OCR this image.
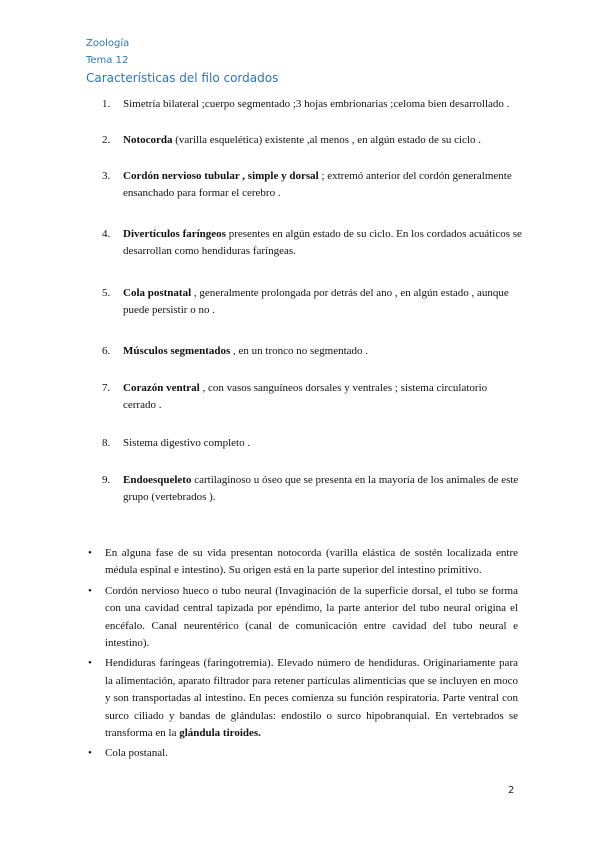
Zoología
Tema 12
Características del filo cordados
1. Simetría bilateral ;cuerpo segmentado ;3 hojas embrionarias ;celoma bien desarrollado .
2. Notocorda (varilla esquelética) existente ,al menos , en algún estado de su ciclo .
3. Cordón nervioso tubular , simple y dorsal ; extremó anterior del cordón generalmente ensanchado para formar el cerebro .
4. Divertículos faríngeos presentes en algún estado de su ciclo. En los cordados acuáticos se desarrollan como hendiduras faríngeas.
5. Cola postnatal , generalmente prolongada por detrás del ano , en algún estado , aunque puede persistir o no .
6. Músculos segmentados , en un tronco no segmentado .
7. Corazón ventral , con vasos sanguíneos dorsales y ventrales ; sistema circulatorio cerrado .
8. Sistema digestivo completo .
9. Endoesqueleto cartilaginoso u óseo que se presenta en la mayoría de los animales de este grupo (vertebrados ).
• En alguna fase de su vida presentan notocorda (varilla elástica de sostén localizada entre médula espinal e intestino). Su origen está en la parte superior del intestino primitivo.
• Cordón nervioso hueco o tubo neural (Invaginación de la superficie dorsal, el tubo se forma con una cavidad central tapizada por epéndimo, la parte anterior del tubo neural origina el encéfalo. Canal neurentérico (canal de comunicación entre cavidad del tubo neural e intestino).
• Hendiduras faríngeas (faringotremia). Elevado número de hendiduras. Originariamente para la alimentación, aparato filtrador para retener partículas alimenticias que se incluyen en moco y son transportadas al intestino. En peces comienza su función respiratoria. Parte ventral con surco ciliado y bandas de glándulas: endostilo o surco hipobranquial. En vertebrados se transforma en la glándula tiroides.
• Cola postanal.
2
